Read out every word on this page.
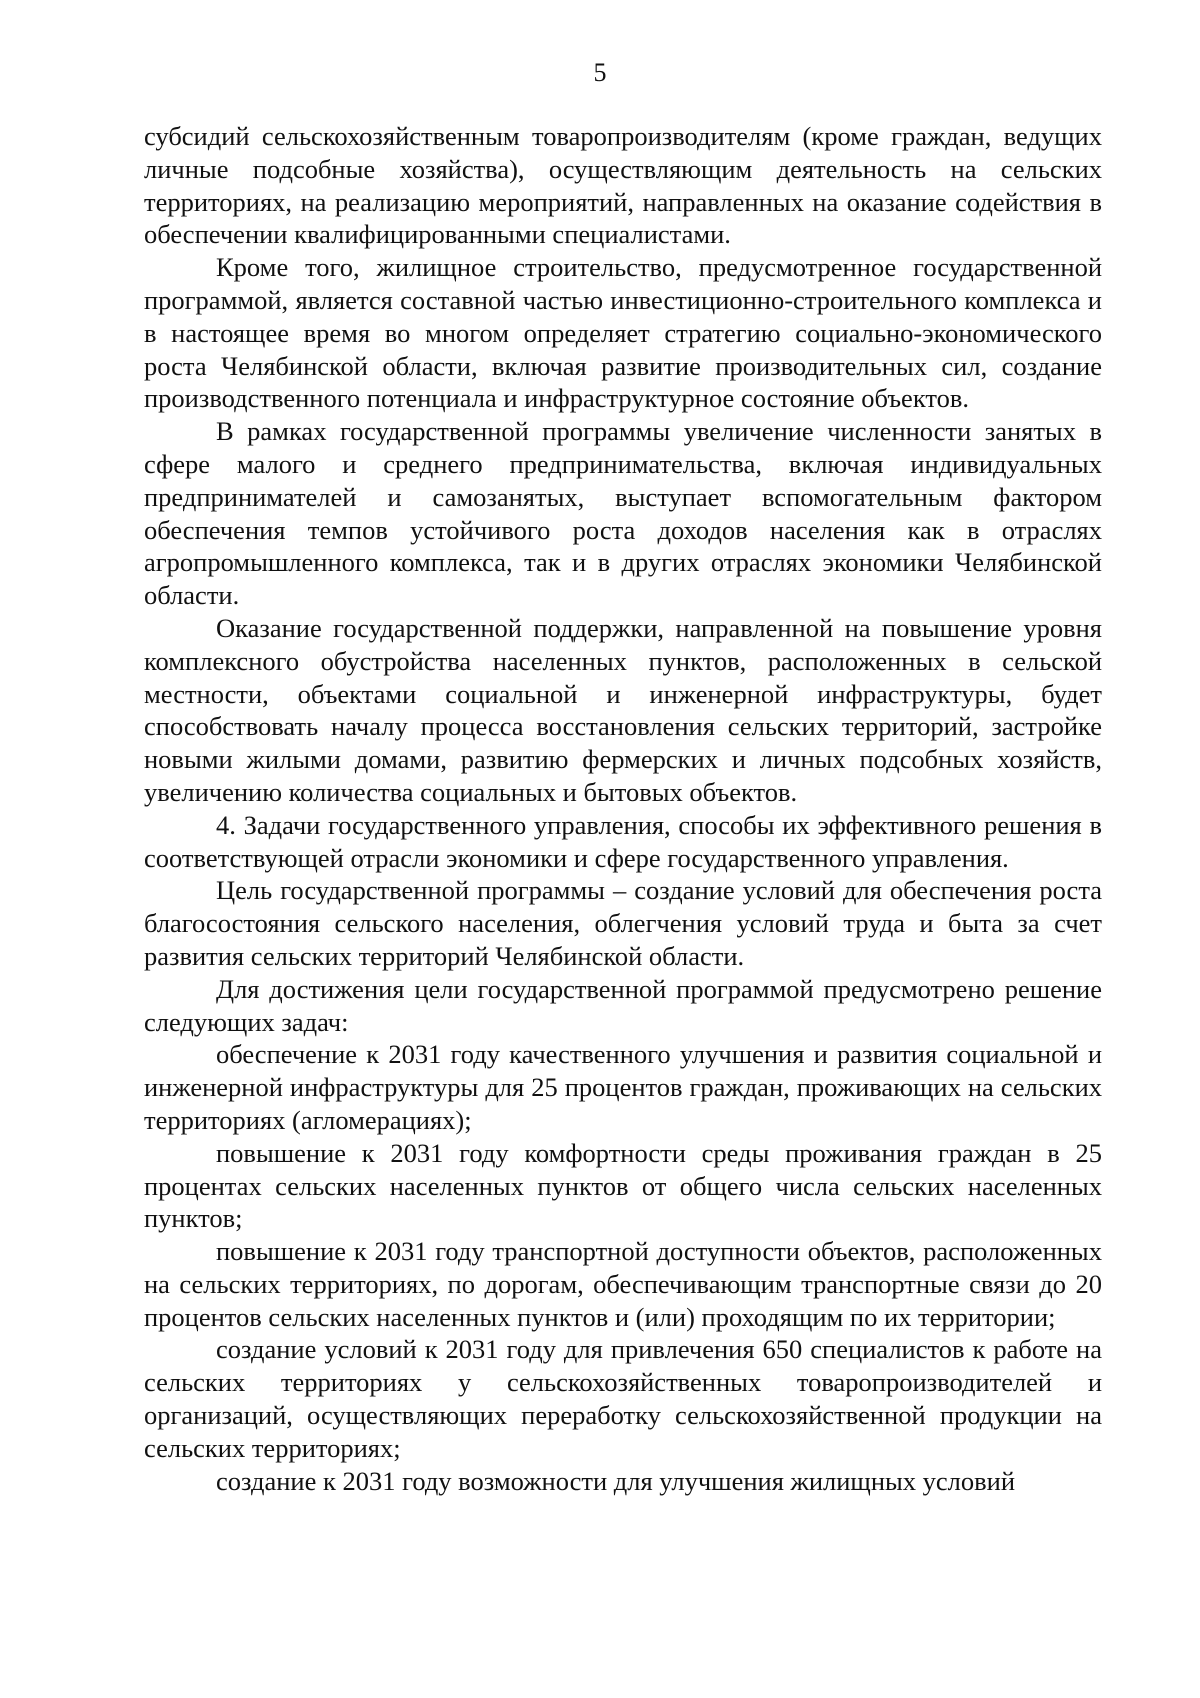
5

субсидий сельскохозяйственным товаропроизводителям (кроме граждан, ведущих личные подсобные хозяйства), осуществляющим деятельность на сельских территориях, на реализацию мероприятий, направленных на оказание содействия в обеспечении квалифицированными специалистами.

Кроме того, жилищное строительство, предусмотренное государственной программой, является составной частью инвестиционно-строительного комплекса и в настоящее время во многом определяет стратегию социально-экономического роста Челябинской области, включая развитие производительных сил, создание производственного потенциала и инфраструктурное состояние объектов.

В рамках государственной программы увеличение численности занятых в сфере малого и среднего предпринимательства, включая индивидуальных предпринимателей и самозанятых, выступает вспомогательным фактором обеспечения темпов устойчивого роста доходов населения как в отраслях агропромышленного комплекса, так и в других отраслях экономики Челябинской области.

Оказание государственной поддержки, направленной на повышение уровня комплексного обустройства населенных пунктов, расположенных в сельской местности, объектами социальной и инженерной инфраструктуры, будет способствовать началу процесса восстановления сельских территорий, застройке новыми жилыми домами, развитию фермерских и личных подсобных хозяйств, увеличению количества социальных и бытовых объектов.

4. Задачи государственного управления, способы их эффективного решения в соответствующей отрасли экономики и сфере государственного управления.

Цель государственной программы – создание условий для обеспечения роста благосостояния сельского населения, облегчения условий труда и быта за счет развития сельских территорий Челябинской области.

Для достижения цели государственной программой предусмотрено решение следующих задач:

обеспечение к 2031 году качественного улучшения и развития социальной и инженерной инфраструктуры для 25 процентов граждан, проживающих на сельских территориях (агломерациях);

повышение к 2031 году комфортности среды проживания граждан в 25 процентах сельских населенных пунктов от общего числа сельских населенных пунктов;

повышение к 2031 году транспортной доступности объектов, расположенных на сельских территориях, по дорогам, обеспечивающим транспортные связи до 20 процентов сельских населенных пунктов и (или) проходящим по их территории;

создание условий к 2031 году для привлечения 650 специалистов к работе на сельских территориях у сельскохозяйственных товаропроизводителей и организаций, осуществляющих переработку сельскохозяйственной продукции на сельских территориях;

создание к 2031 году возможности для улучшения жилищных условий
